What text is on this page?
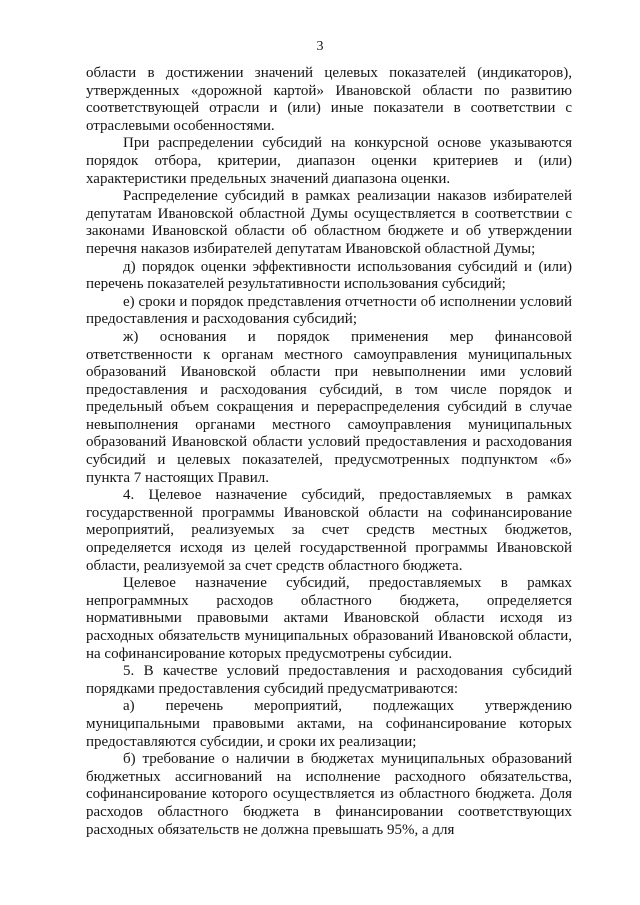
3

области в достижении значений целевых показателей (индикаторов), утвержденных «дорожной картой» Ивановской области по развитию соответствующей отрасли и (или) иные показатели в соответствии с отраслевыми особенностями.

При распределении субсидий на конкурсной основе указываются порядок отбора, критерии, диапазон оценки критериев и (или) характеристики предельных значений диапазона оценки.

Распределение субсидий в рамках реализации наказов избирателей депутатам Ивановской областной Думы осуществляется в соответствии с законами Ивановской области об областном бюджете и об утверждении перечня наказов избирателей депутатам Ивановской областной Думы;

д) порядок оценки эффективности использования субсидий и (или) перечень показателей результативности использования субсидий;

е) сроки и порядок представления отчетности об исполнении условий предоставления и расходования субсидий;

ж) основания и порядок применения мер финансовой ответственности к органам местного самоуправления муниципальных образований Ивановской области при невыполнении ими условий предоставления и расходования субсидий, в том числе порядок и предельный объем сокращения и перераспределения субсидий в случае невыполнения органами местного самоуправления муниципальных образований Ивановской области условий предоставления и расходования субсидий и целевых показателей, предусмотренных подпунктом «б» пункта 7 настоящих Правил.

4. Целевое назначение субсидий, предоставляемых в рамках государственной программы Ивановской области на софинансирование мероприятий, реализуемых за счет средств местных бюджетов, определяется исходя из целей государственной программы Ивановской области, реализуемой за счет средств областного бюджета.

Целевое назначение субсидий, предоставляемых в рамках непрограммных расходов областного бюджета, определяется нормативными правовыми актами Ивановской области исходя из расходных обязательств муниципальных образований Ивановской области, на софинансирование которых предусмотрены субсидии.

5. В качестве условий предоставления и расходования субсидий порядками предоставления субсидий предусматриваются:

а) перечень мероприятий, подлежащих утверждению муниципальными правовыми актами, на софинансирование которых предоставляются субсидии, и сроки их реализации;

б) требование о наличии в бюджетах муниципальных образований бюджетных ассигнований на исполнение расходного обязательства, софинансирование которого осуществляется из областного бюджета. Доля расходов областного бюджета в финансировании соответствующих расходных обязательств не должна превышать 95%, а для
